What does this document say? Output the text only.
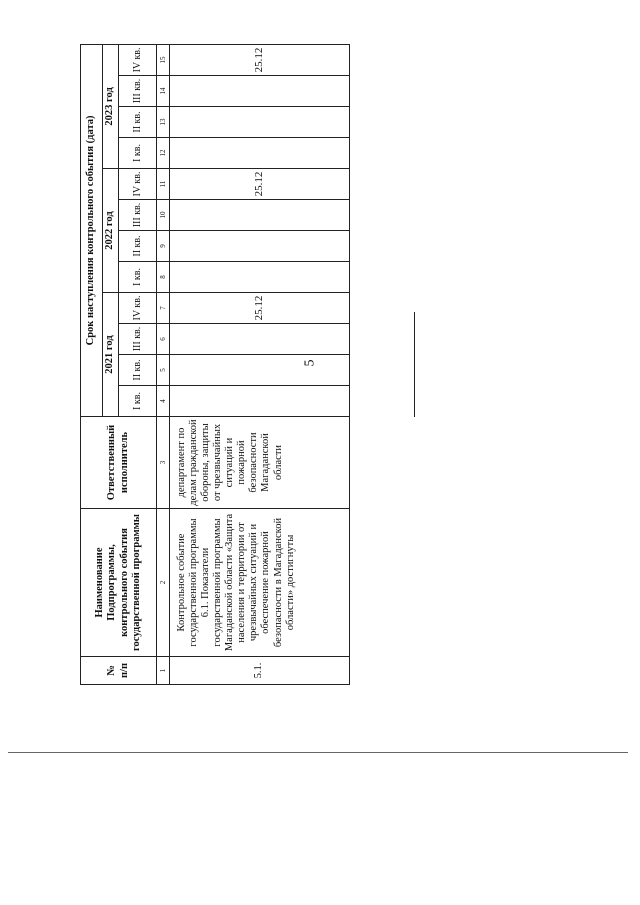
5
№
п/п	Наименование Подпрограммы, контрольного события государственной программы	Ответственный исполнитель	Срок наступления контрольного события (дата)											
			2021 год				2022 год				2023 год			
			I кв.	II кв.	III кв.	IV кв.	I кв.	II кв.	III кв.	IV кв.	I кв.	II кв.	III кв.	IV кв.
1	2	3	4	5	6	7	8	9	10	11	12	13	14	15
5.1.	Контрольное событие государственной программы 6.1. Показатели государственной программы Магаданской области «Защита населения и территории от чрезвычайных ситуаций и обеспечение пожарной безопасности в Магаданской области» достигнуты	департамент по делам гражданской обороны, защиты от чрезвычайных ситуаций и пожарной безопасности Магаданской области				25.12				25.12				25.12
